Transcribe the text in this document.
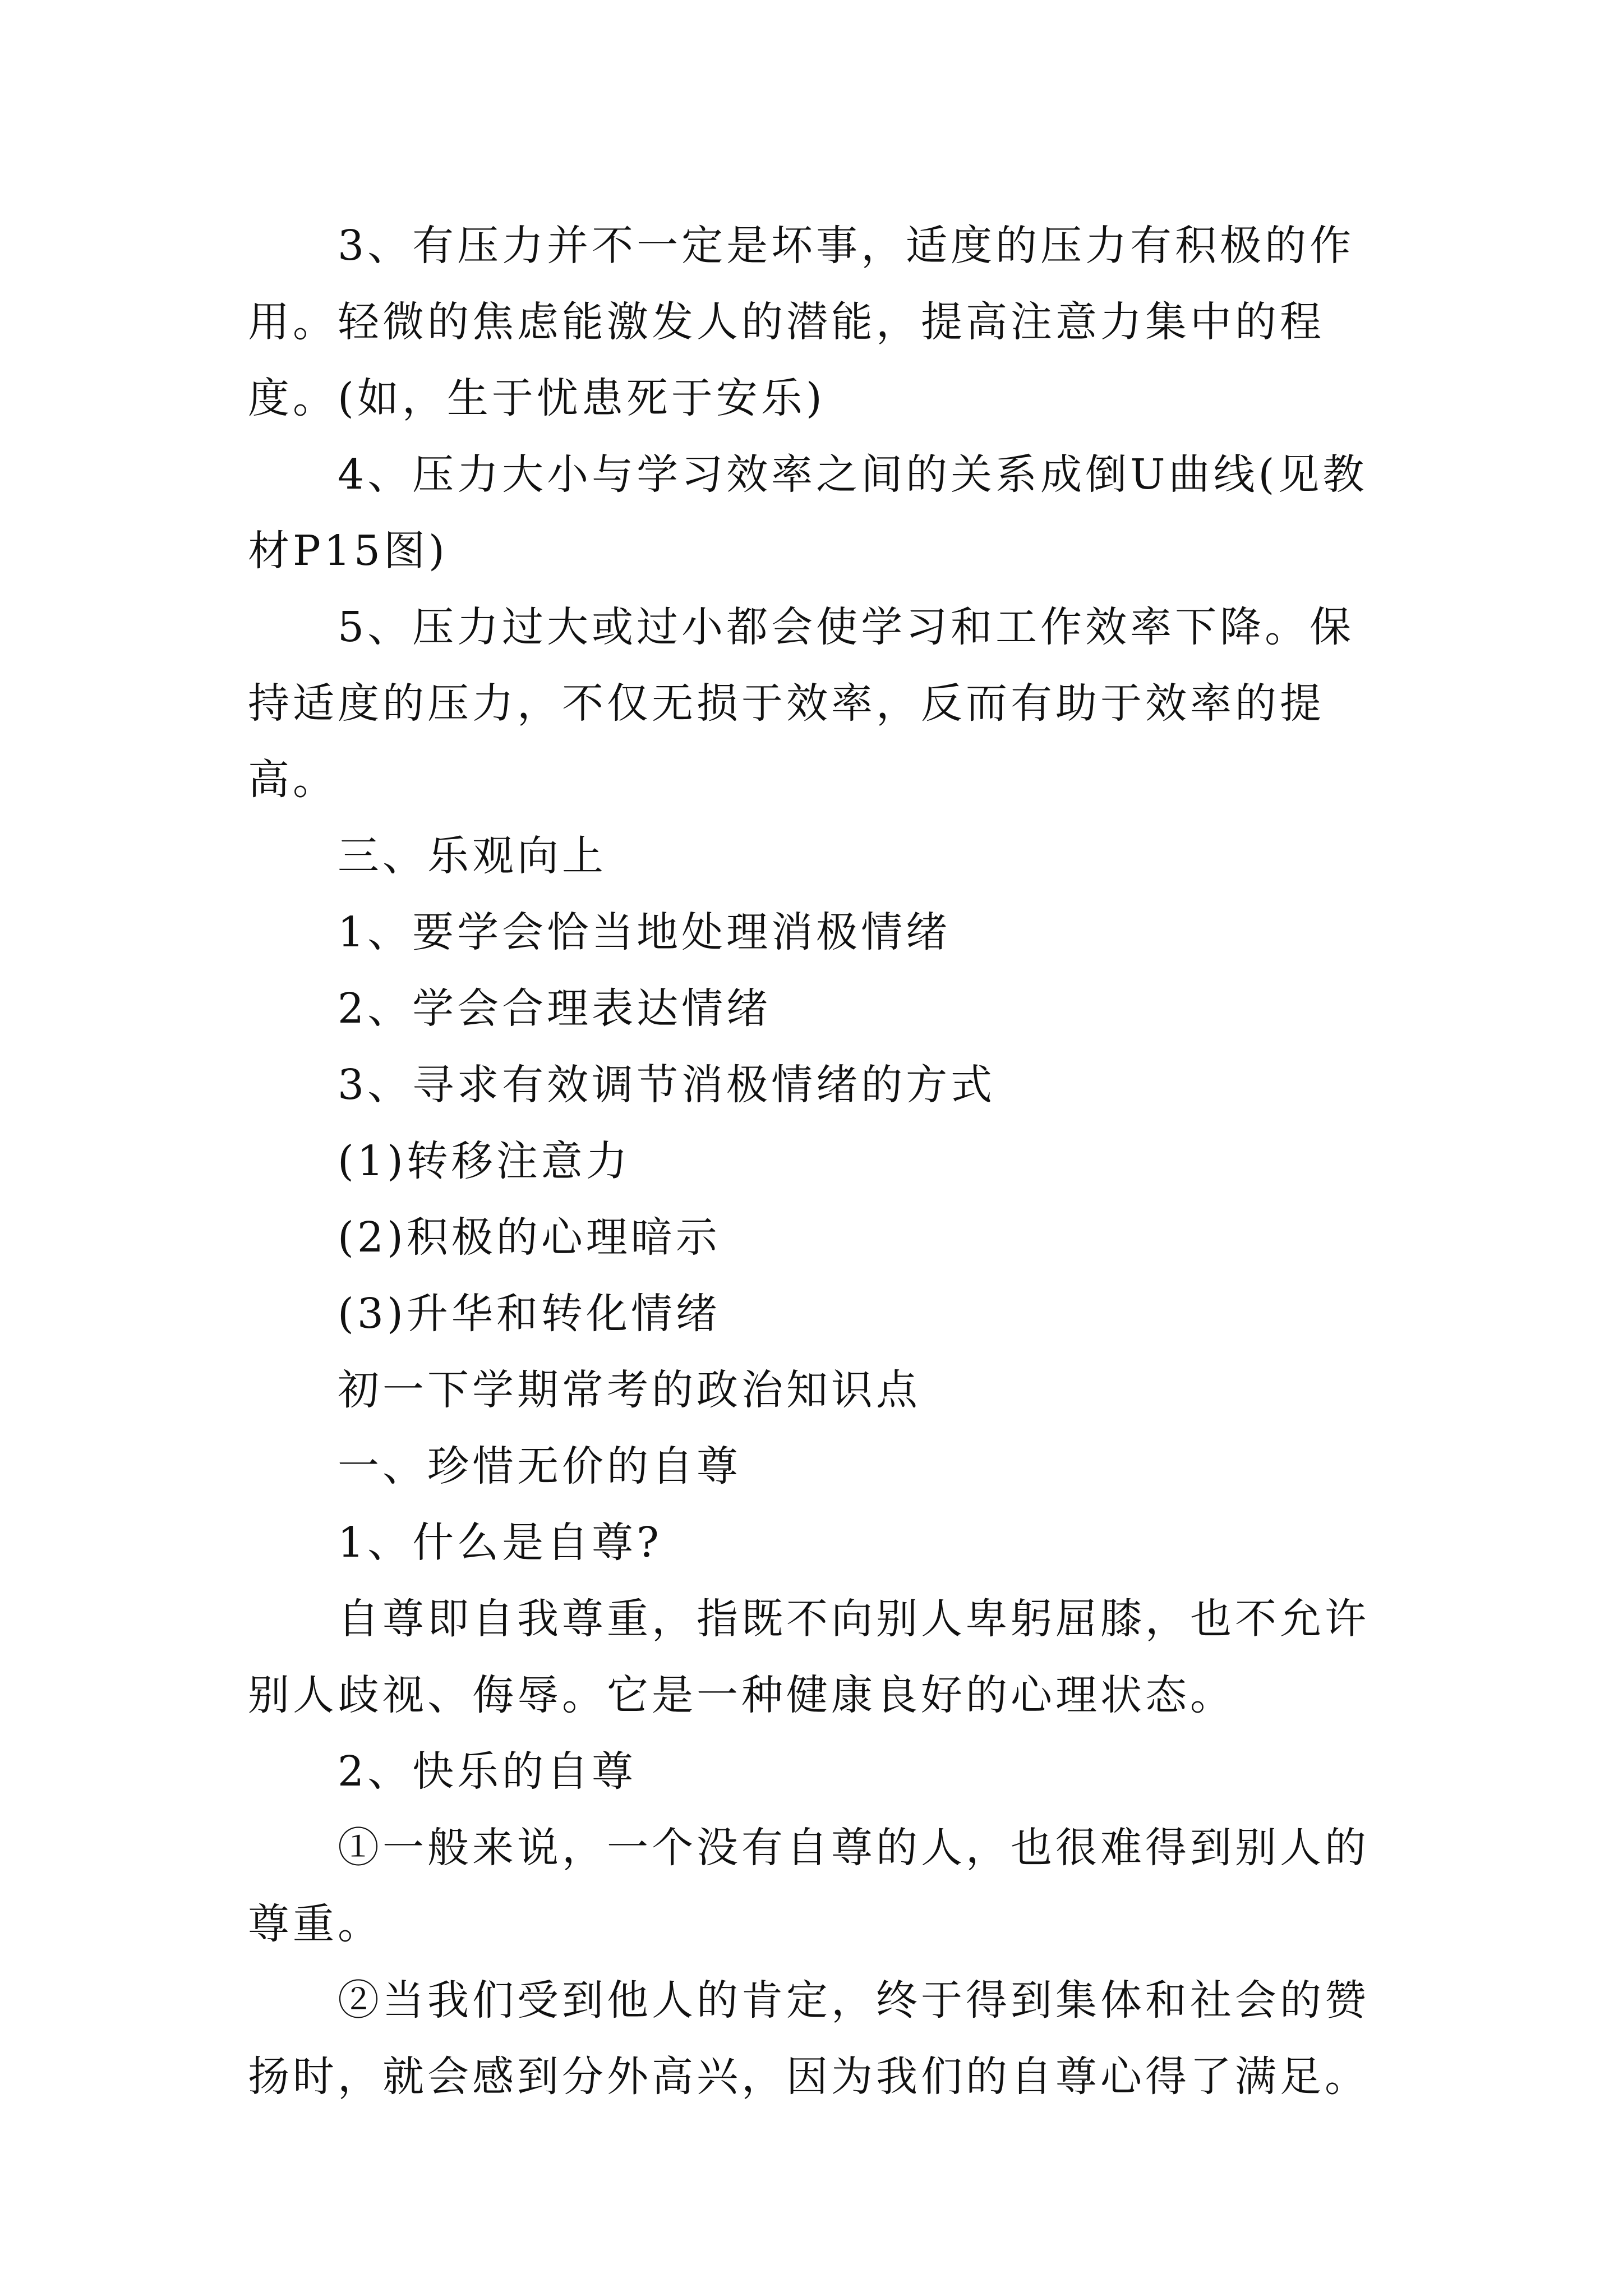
3、有压力并不一定是坏事，适度的压力有积极的作用。轻微的焦虑能激发人的潜能，提高注意力集中的程度。(如，生于忧患死于安乐)

4、压力大小与学习效率之间的关系成倒U曲线(见教材P15图)

5、压力过大或过小都会使学习和工作效率下降。保持适度的压力，不仅无损于效率，反而有助于效率的提高。

三、乐观向上

1、要学会恰当地处理消极情绪

2、学会合理表达情绪

3、寻求有效调节消极情绪的方式

(1)转移注意力

(2)积极的心理暗示

(3)升华和转化情绪

初一下学期常考的政治知识点

一、珍惜无价的自尊

1、什么是自尊?

自尊即自我尊重，指既不向别人卑躬屈膝，也不允许别人歧视、侮辱。它是一种健康良好的心理状态。

2、快乐的自尊

①一般来说，一个没有自尊的人，也很难得到别人的尊重。

②当我们受到他人的肯定，终于得到集体和社会的赞扬时，就会感到分外高兴，因为我们的自尊心得了满足。
